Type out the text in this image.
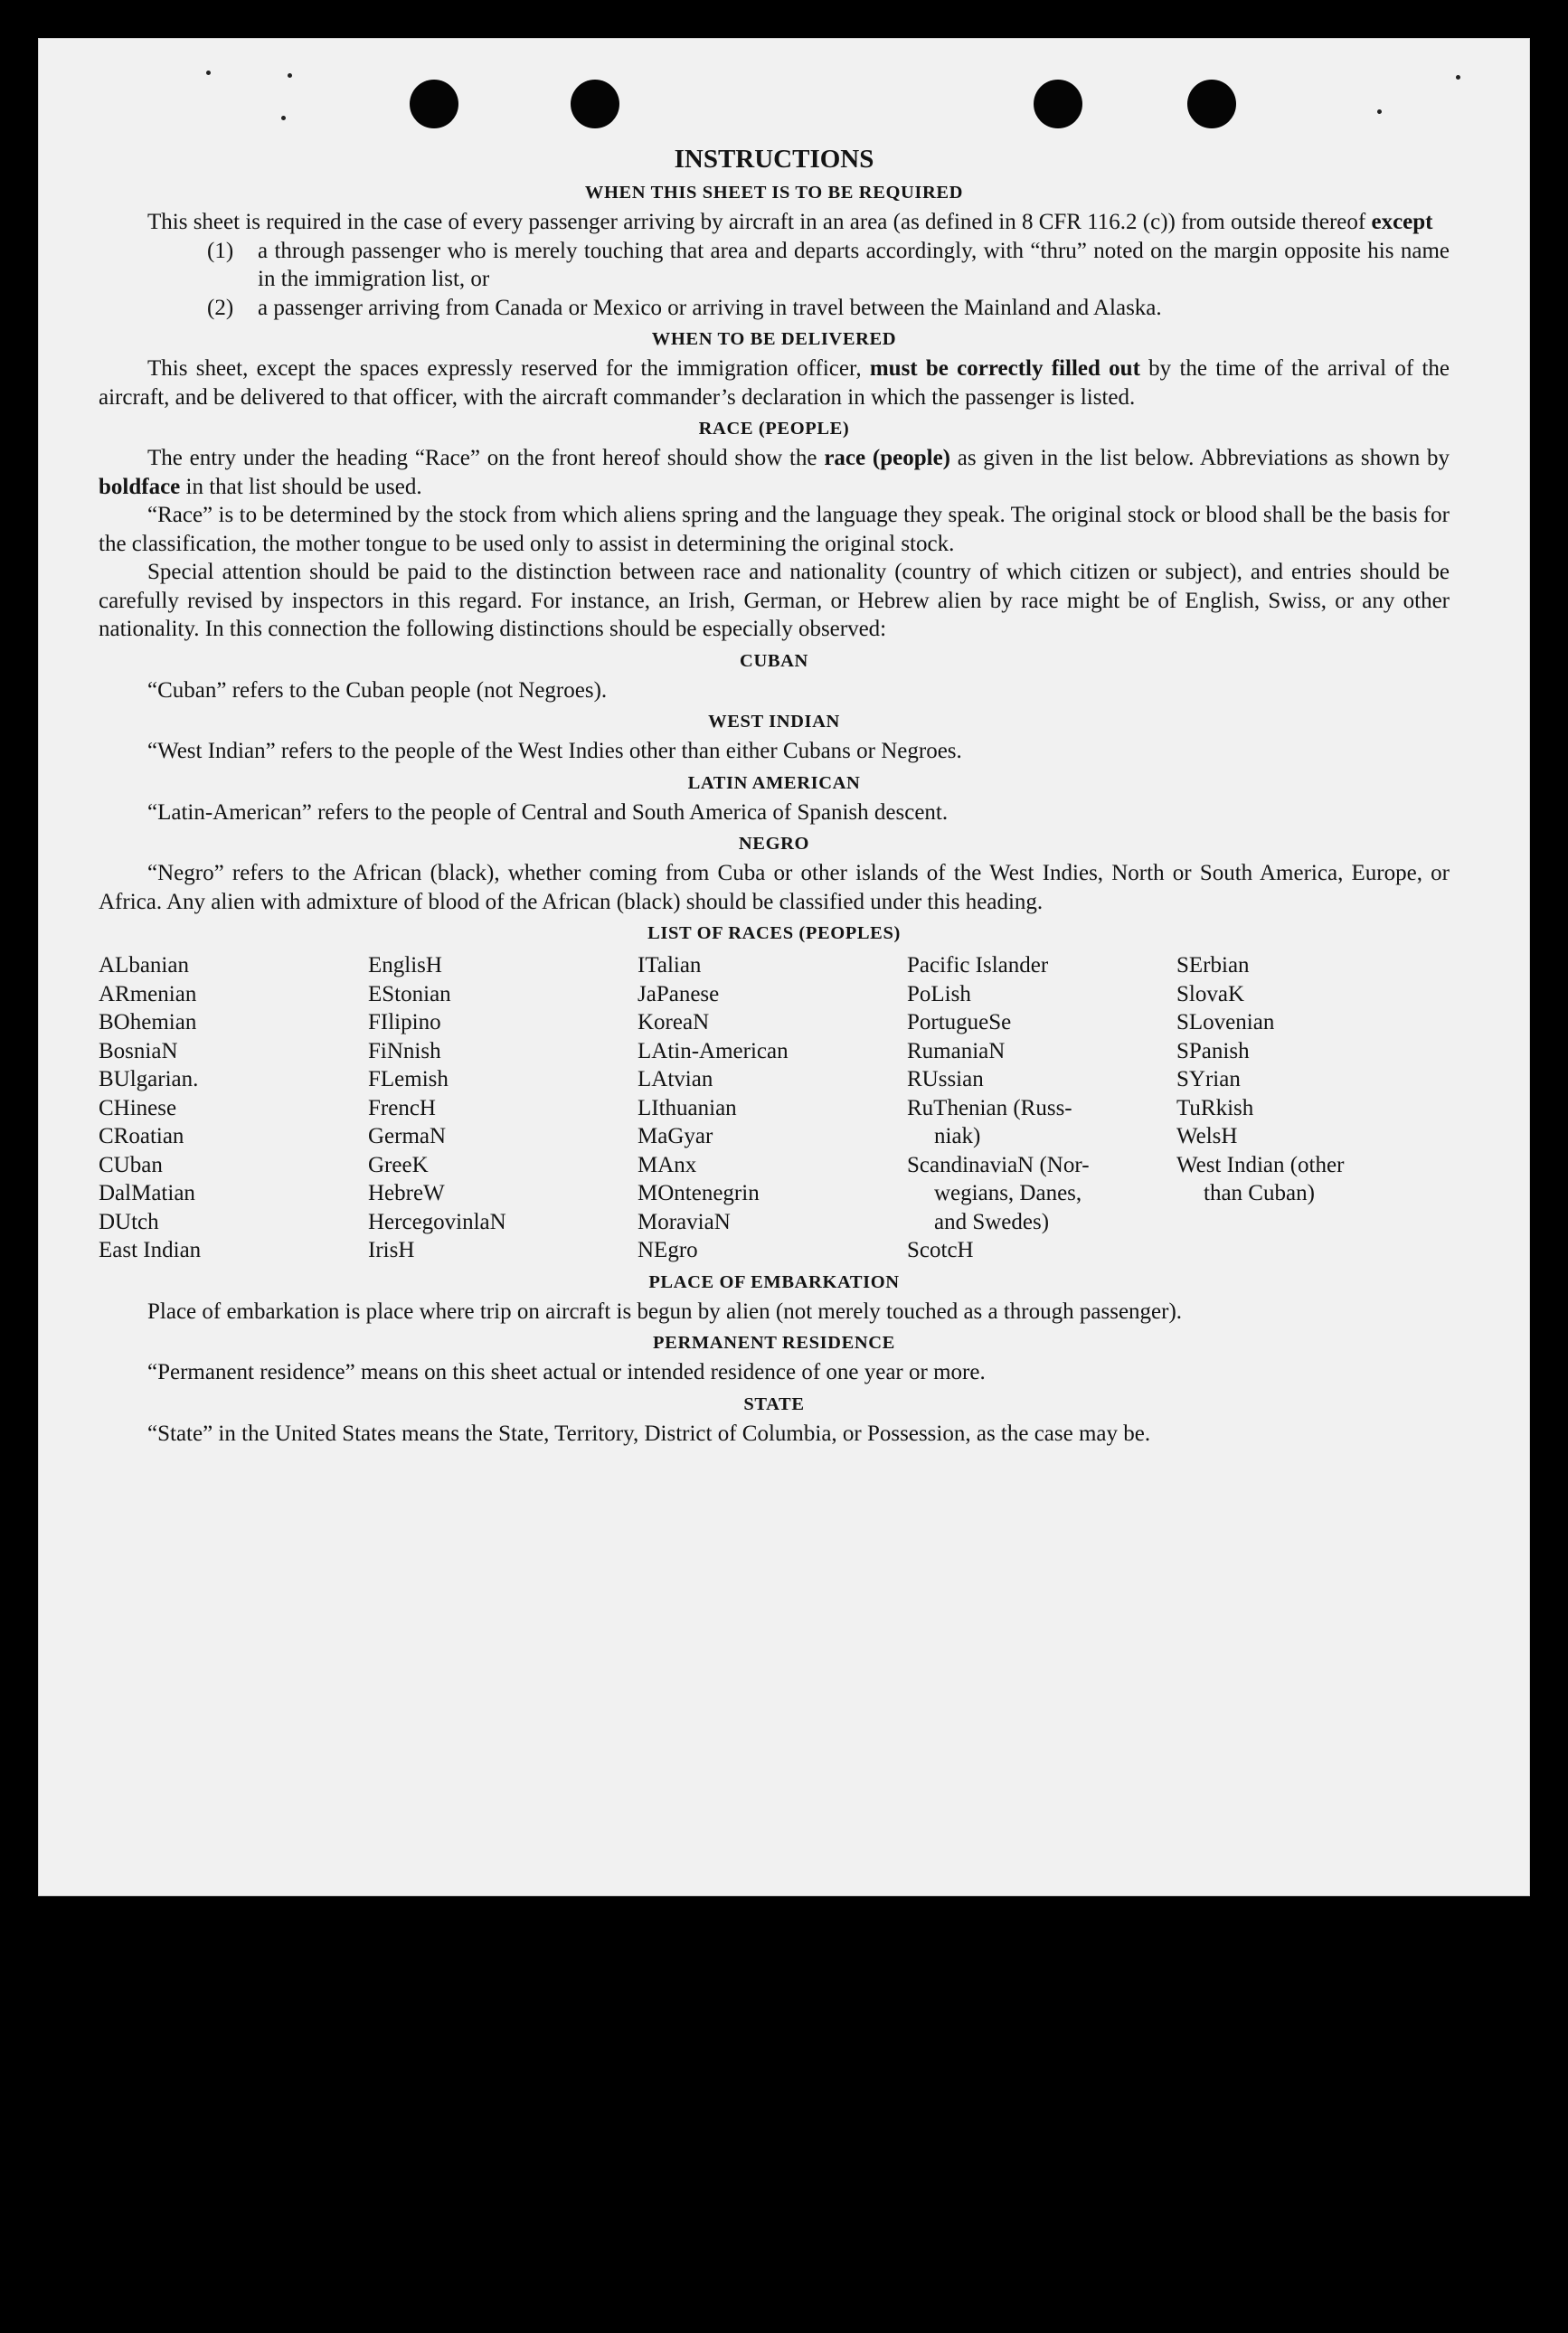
INSTRUCTIONS
WHEN THIS SHEET IS TO BE REQUIRED

This sheet is required in the case of every passenger arriving by aircraft in an area (as defined in 8 CFR 116.2 (c)) from outside thereof except

(1)	a through passenger who is merely touching that area and departs accordingly, with “thru” noted on the margin opposite his name in the immigration list, or
(2)	a passenger arriving from Canada or Mexico or arriving in travel between the Mainland and Alaska.
WHEN TO BE DELIVERED

This sheet, except the spaces expressly reserved for the immigration officer, must be correctly filled out by the time of the arrival of the aircraft, and be delivered to that officer, with the aircraft commander’s declaration in which the passenger is listed.

RACE (PEOPLE)

The entry under the heading “Race” on the front hereof should show the race (people) as given in the list below. Abbreviations as shown by boldface in that list should be used.

“Race” is to be determined by the stock from which aliens spring and the language they speak. The original stock or blood shall be the basis for the classification, the mother tongue to be used only to assist in determining the original stock.

Special attention should be paid to the distinction between race and nationality (country of which citizen or subject), and entries should be carefully revised by inspectors in this regard. For instance, an Irish, German, or Hebrew alien by race might be of English, Swiss, or any other nationality. In this connection the following distinctions should be especially observed:

CUBAN

“Cuban” refers to the Cuban people (not Negroes).

WEST INDIAN

“West Indian” refers to the people of the West Indies other than either Cubans or Negroes.

LATIN AMERICAN

“Latin-American” refers to the people of Central and South America of Spanish descent.

NEGRO

“Negro” refers to the African (black), whether coming from Cuba or other islands of the West Indies, North or South America, Europe, or Africa. Any alien with admixture of blood of the African (black) should be classified under this heading.

LIST OF RACES (PEOPLES)
ALbanian
ARmenian
BOhemian
BosniaN
BUlgarian.
CHinese
CRoatian
CUban
DalMatian
DUtch
East Indian
EnglisH
EStonian
FIlipino
FiNnish
FLemish
FrencH
GermaN
GreeK
HebreW
HercegovinlaN
IrisH
ITalian
JaPanese
KoreaN
LAtin-American
LAtvian
LIthuanian
MaGyar
MAnx
MOntenegrin
MoraviaN
NEgro
Pacific Islander
PoLish
PortugueSe
RumaniaN
RUssian
RuThenian (Russ-
niak)
ScandinaviaN (Nor-
wegians, Danes,
and Swedes)
ScotcH
SErbian
SlovaK
SLovenian
SPanish
SYrian
TuRkish
WelsH
West Indian (other
than Cuban)
PLACE OF EMBARKATION

Place of embarkation is place where trip on aircraft is begun by alien (not merely touched as a through passenger).

PERMANENT RESIDENCE

“Permanent residence” means on this sheet actual or intended residence of one year or more.

STATE

“State” in the United States means the State, Territory, District of Columbia, or Possession, as the case may be.
